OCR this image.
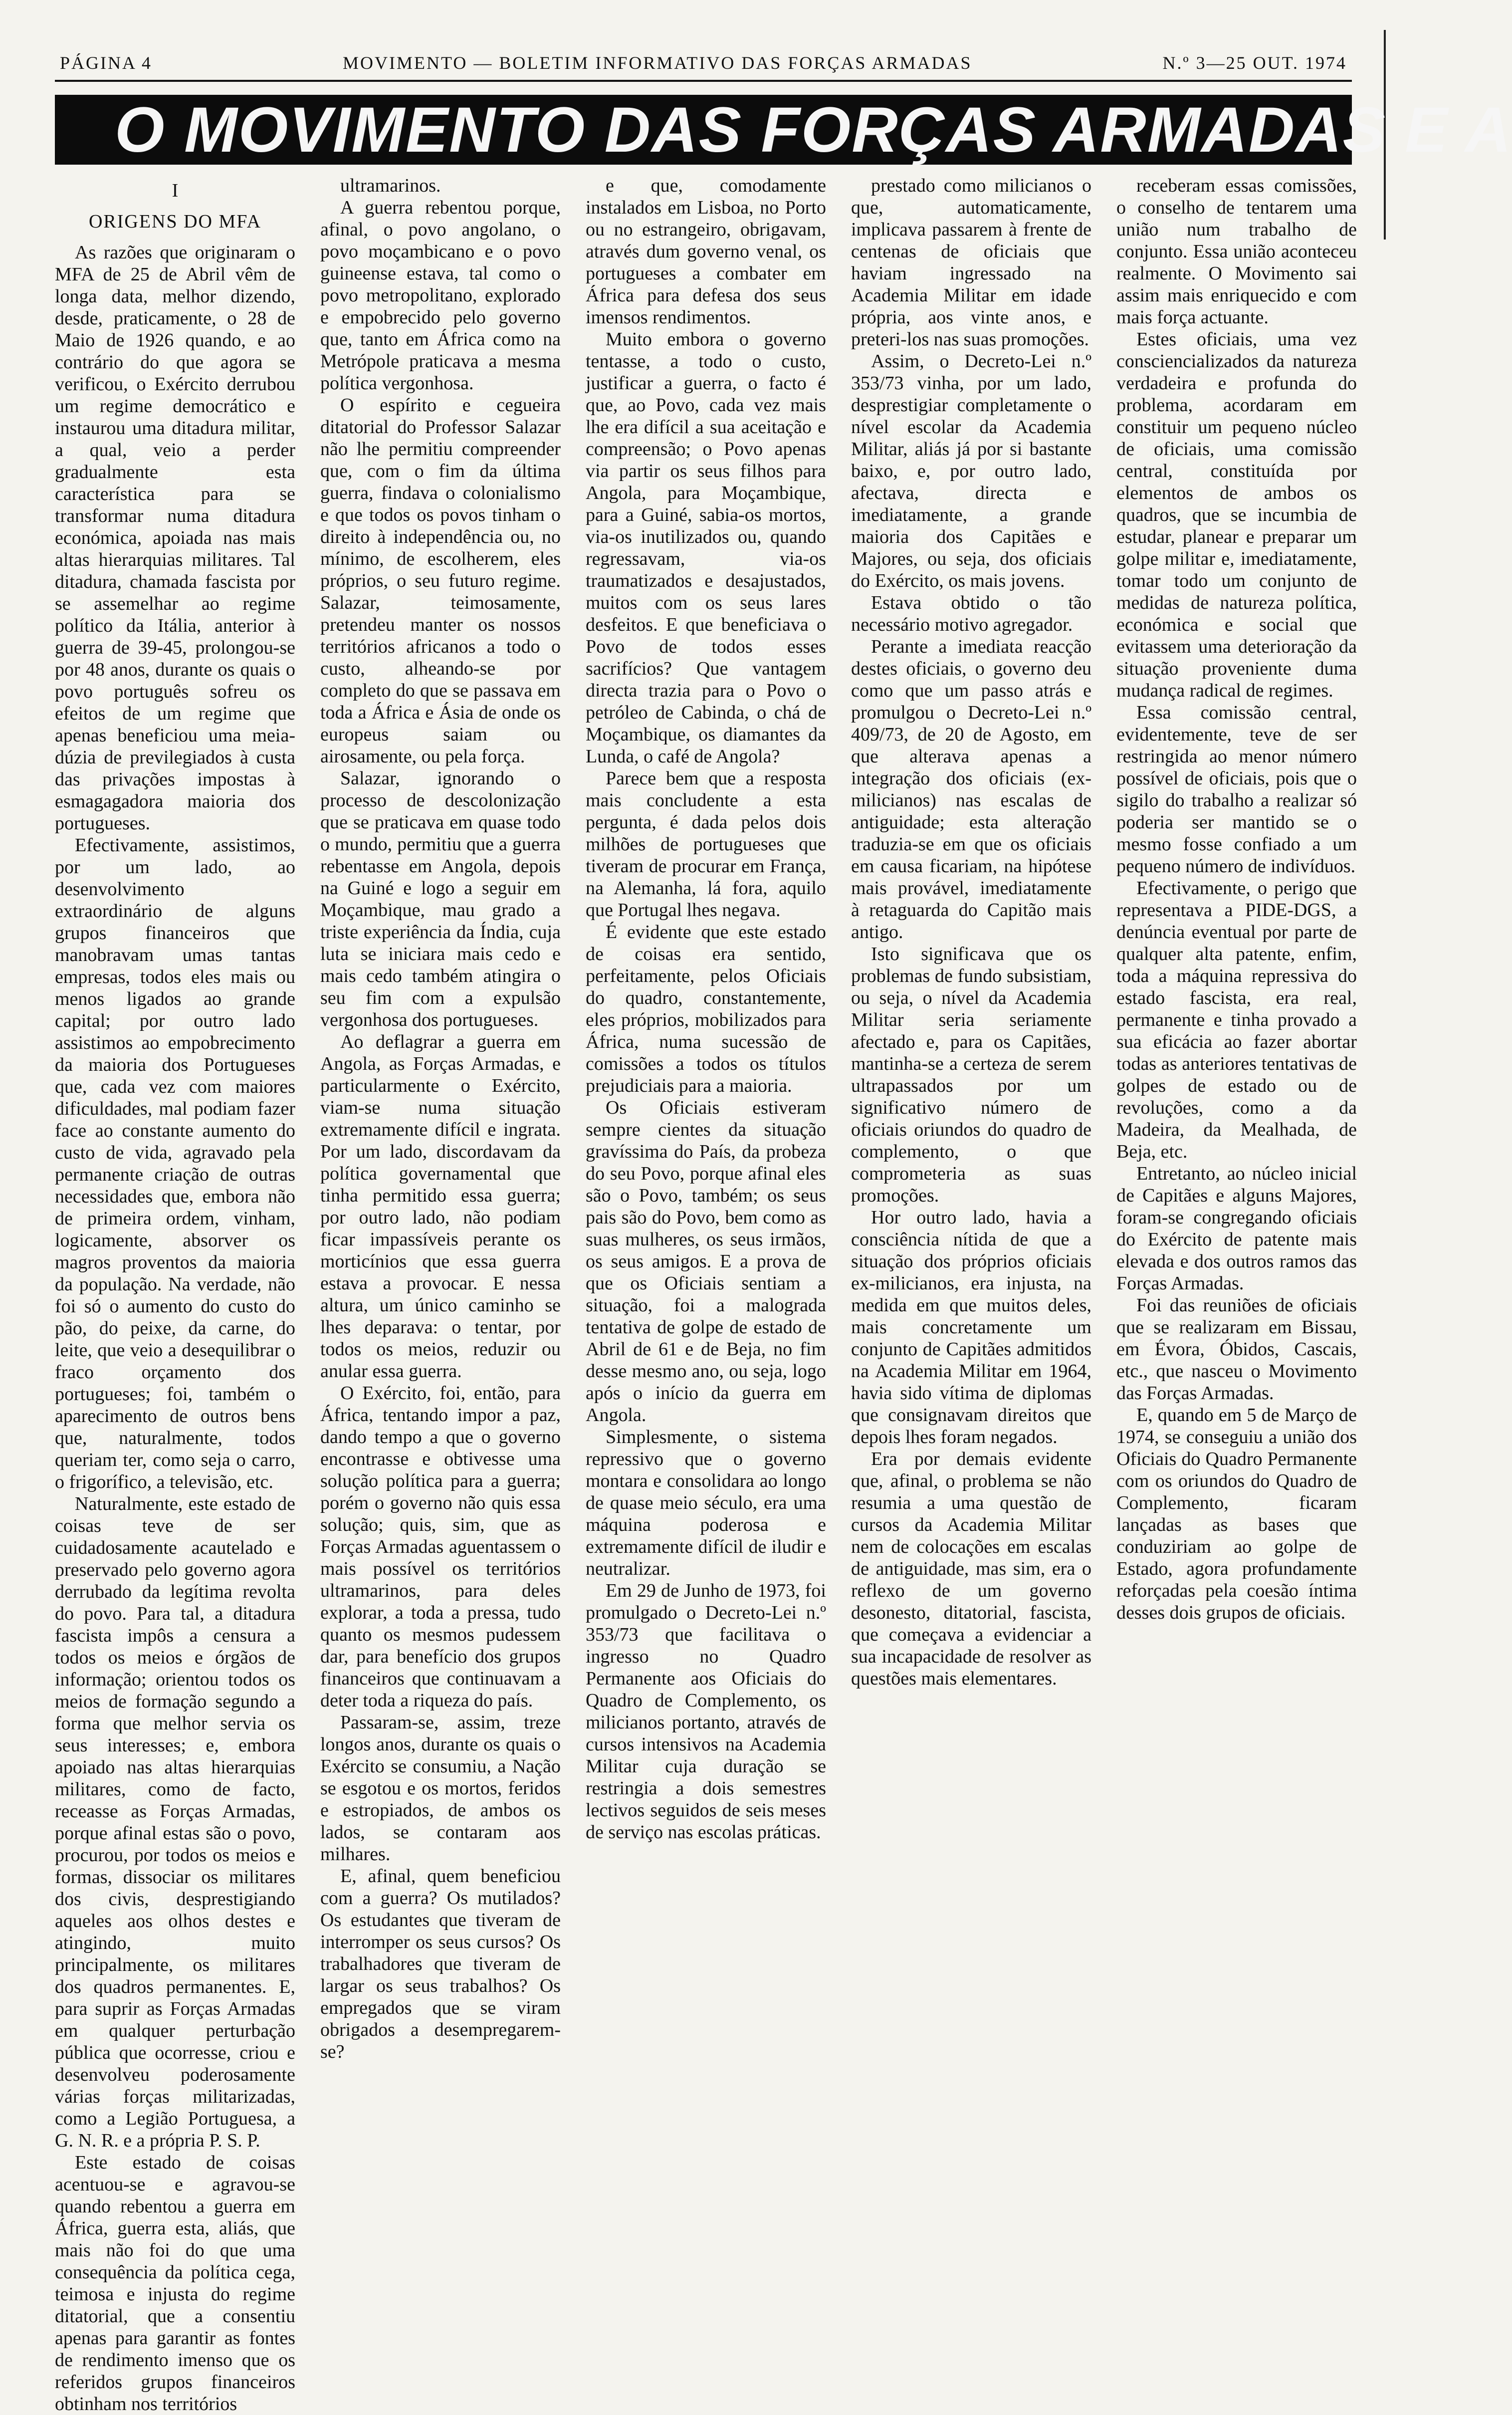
PÁGINA 4	MOVIMENTO — BOLETIM INFORMATIVO DAS FORÇAS ARMADAS	N.º 3—25 OUT. 1974
O MOVIMENTO DAS FORÇAS ARMADAS E A
I
ORIGENS DO MFA

As razões que originaram o MFA de 25 de Abril vêm de longa data, melhor dizendo, desde, praticamente, o 28 de Maio de 1926 quando, e ao contrário do que agora se verificou, o Exército derrubou um regime democrático e instaurou uma ditadura militar, a qual, veio a perder gradualmente esta característica para se transformar numa ditadura económica, apoiada nas mais altas hierarquias militares. Tal ditadura, chamada fascista por se assemelhar ao regime político da Itália, anterior à guerra de 39-45, prolongou-se por 48 anos, durante os quais o povo português sofreu os efeitos de um regime que apenas beneficiou uma meia-dúzia de previlegiados à custa das privações impostas à esmagagadora maioria dos portugueses.

Efectivamente, assistimos, por um lado, ao desenvolvimento extraordinário de alguns grupos financeiros que manobravam umas tantas empresas, todos eles mais ou menos ligados ao grande capital; por outro lado assistimos ao empobrecimento da maioria dos Portugueses que, cada vez com maiores dificuldades, mal podiam fazer face ao constante aumento do custo de vida, agravado pela permanente criação de outras necessidades que, embora não de primeira ordem, vinham, logicamente, absorver os magros proventos da maioria da população. Na verdade, não foi só o aumento do custo do pão, do peixe, da carne, do leite, que veio a desequilibrar o fraco orçamento dos portugueses; foi, também o aparecimento de outros bens que, naturalmente, todos queriam ter, como seja o carro, o frigorífico, a televisão, etc.

Naturalmente, este estado de coisas teve de ser cuidadosamente acautelado e preservado pelo governo agora derrubado da legítima revolta do povo. Para tal, a ditadura fascista impôs a censura a todos os meios e órgãos de informação; orientou todos os meios de formação segundo a forma que melhor servia os seus interesses; e, embora apoiado nas altas hierarquias militares, como de facto, receasse as Forças Armadas, porque afinal estas são o povo, procurou, por todos os meios e formas, dissociar os militares dos civis, desprestigiando aqueles aos olhos destes e atingindo, muito principalmente, os militares dos quadros permanentes. E, para suprir as Forças Armadas em qualquer perturbação pública que ocorresse, criou e desenvolveu poderosamente várias forças militarizadas, como a Legião Portuguesa, a G. N. R. e a própria P. S. P.

Este estado de coisas acentuou-se e agravou-se quando rebentou a guerra em África, guerra esta, aliás, que mais não foi do que uma consequência da política cega, teimosa e injusta do regime ditatorial, que a consentiu apenas para garantir as fontes de rendimento imenso que os referidos grupos financeiros obtinham nos territórios

ultramarinos.

A guerra rebentou porque, afinal, o povo angolano, o povo moçambicano e o povo guineense estava, tal como o povo metropolitano, explorado e empobrecido pelo governo que, tanto em África como na Metrópole praticava a mesma política vergonhosa.

O espírito e cegueira ditatorial do Professor Salazar não lhe permitiu compreender que, com o fim da última guerra, findava o colonialismo e que todos os povos tinham o direito à independência ou, no mínimo, de escolherem, eles próprios, o seu futuro regime. Salazar, teimosamente, pretendeu manter os nossos territórios africanos a todo o custo, alheando-se por completo do que se passava em toda a África e Ásia de onde os europeus saiam ou airosamente, ou pela força.

Salazar, ignorando o processo de descolonização que se praticava em quase todo o mundo, permitiu que a guerra rebentasse em Angola, depois na Guiné e logo a seguir em Moçambique, mau grado a triste experiência da Índia, cuja luta se iniciara mais cedo e mais cedo também atingira o seu fim com a expulsão vergonhosa dos portugueses.

Ao deflagrar a guerra em Angola, as Forças Armadas, e particularmente o Exército, viam-se numa situação extremamente difícil e ingrata. Por um lado, discordavam da política governamental que tinha permitido essa guerra; por outro lado, não podiam ficar impassíveis perante os morticínios que essa guerra estava a provocar. E nessa altura, um único caminho se lhes deparava: o tentar, por todos os meios, reduzir ou anular essa guerra.

O Exército, foi, então, para África, tentando impor a paz, dando tempo a que o governo encontrasse e obtivesse uma solução política para a guerra; porém o governo não quis essa solução; quis, sim, que as Forças Armadas aguentassem o mais possível os territórios ultramarinos, para deles explorar, a toda a pressa, tudo quanto os mesmos pudessem dar, para benefício dos grupos financeiros que continuavam a deter toda a riqueza do país.

Passaram-se, assim, treze longos anos, durante os quais o Exército se consumiu, a Nação se esgotou e os mortos, feridos e estropiados, de ambos os lados, se contaram aos milhares.

E, afinal, quem beneficiou com a guerra? Os mutilados? Os estudantes que tiveram de interromper os seus cursos? Os trabalhadores que tiveram de largar os seus trabalhos? Os empregados que se viram obrigados a desempregarem-se?

e que, comodamente instalados em Lisboa, no Porto ou no estrangeiro, obrigavam, através dum governo venal, os portugueses a combater em África para defesa dos seus imensos rendimentos.

Muito embora o governo tentasse, a todo o custo, justificar a guerra, o facto é que, ao Povo, cada vez mais lhe era difícil a sua aceitação e compreensão; o Povo apenas via partir os seus filhos para Angola, para Moçambique, para a Guiné, sabia-os mortos, via-os inutilizados ou, quando regressavam, via-os traumatizados e desajustados, muitos com os seus lares desfeitos. E que beneficiava o Povo de todos esses sacrifícios? Que vantagem directa trazia para o Povo o petróleo de Cabinda, o chá de Moçambique, os diamantes da Lunda, o café de Angola?

Parece bem que a resposta mais concludente a esta pergunta, é dada pelos dois milhões de portugueses que tiveram de procurar em França, na Alemanha, lá fora, aquilo que Portugal lhes negava.

É evidente que este estado de coisas era sentido, perfeitamente, pelos Oficiais do quadro, constantemente, eles próprios, mobilizados para África, numa sucessão de comissões a todos os títulos prejudiciais para a maioria.

Os Oficiais estiveram sempre cientes da situação gravíssima do País, da probeza do seu Povo, porque afinal eles são o Povo, também; os seus pais são do Povo, bem como as suas mulheres, os seus irmãos, os seus amigos. E a prova de que os Oficiais sentiam a situação, foi a malograda tentativa de golpe de estado de Abril de 61 e de Beja, no fim desse mesmo ano, ou seja, logo após o início da guerra em Angola.

Simplesmente, o sistema repressivo que o governo montara e consolidara ao longo de quase meio século, era uma máquina poderosa e extremamente difícil de iludir e neutralizar.

Em 29 de Junho de 1973, foi promulgado o Decreto-Lei n.º 353/73 que facilitava o ingresso no Quadro Permanente aos Oficiais do Quadro de Complemento, os milicianos portanto, através de cursos intensivos na Academia Militar cuja duração se restringia a dois semestres lectivos seguidos de seis meses de serviço nas escolas práticas.

prestado como milicianos o que, automaticamente, implicava passarem à frente de centenas de oficiais que haviam ingressado na Academia Militar em idade própria, aos vinte anos, e preteri-los nas suas promoções.

Assim, o Decreto-Lei n.º 353/73 vinha, por um lado, desprestigiar completamente o nível escolar da Academia Militar, aliás já por si bastante baixo, e, por outro lado, afectava, directa e imediatamente, a grande maioria dos Capitães e Majores, ou seja, dos oficiais do Exército, os mais jovens.

Estava obtido o tão necessário motivo agregador.

Perante a imediata reacção destes oficiais, o governo deu como que um passo atrás e promulgou o Decreto-Lei n.º 409/73, de 20 de Agosto, em que alterava apenas a integração dos oficiais (ex-milicianos) nas escalas de antiguidade; esta alteração traduzia-se em que os oficiais em causa ficariam, na hipótese mais provável, imediatamente à retaguarda do Capitão mais antigo.

Isto significava que os problemas de fundo subsistiam, ou seja, o nível da Academia Militar seria seriamente afectado e, para os Capitães, mantinha-se a certeza de serem ultrapassados por um significativo número de oficiais oriundos do quadro de complemento, o que comprometeria as suas promoções.

Hor outro lado, havia a consciência nítida de que a situação dos próprios oficiais ex-milicianos, era injusta, na medida em que muitos deles, mais concretamente um conjunto de Capitães admitidos na Academia Militar em 1964, havia sido vítima de diplomas que consignavam direitos que depois lhes foram negados.

Era por demais evidente que, afinal, o problema se não resumia a uma questão de cursos da Academia Militar nem de colocações em escalas de antiguidade, mas sim, era o reflexo de um governo desonesto, ditatorial, fascista, que começava a evidenciar a sua incapacidade de resolver as questões mais elementares.

receberam essas comissões, o conselho de tentarem uma união num trabalho de conjunto. Essa união aconteceu realmente. O Movimento sai assim mais enriquecido e com mais força actuante.

Estes oficiais, uma vez consciencializados da natureza verdadeira e profunda do problema, acordaram em constituir um pequeno núcleo de oficiais, uma comissão central, constituída por elementos de ambos os quadros, que se incumbia de estudar, planear e preparar um golpe militar e, imediatamente, tomar todo um conjunto de medidas de natureza política, económica e social que evitassem uma deterioração da situação proveniente duma mudança radical de regimes.

Essa comissão central, evidentemente, teve de ser restringida ao menor número possível de oficiais, pois que o sigilo do trabalho a realizar só poderia ser mantido se o mesmo fosse confiado a um pequeno número de indivíduos.

Efectivamente, o perigo que representava a PIDE-DGS, a denúncia eventual por parte de qualquer alta patente, enfim, toda a máquina repressiva do estado fascista, era real, permanente e tinha provado a sua eficácia ao fazer abortar todas as anteriores tentativas de golpes de estado ou de revoluções, como a da Madeira, da Mealhada, de Beja, etc.

Entretanto, ao núcleo inicial de Capitães e alguns Majores, foram-se congregando oficiais do Exército de patente mais elevada e dos outros ramos das Forças Armadas.

Foi das reuniões de oficiais que se realizaram em Bissau, em Évora, Óbidos, Cascais, etc., que nasceu o Movimento das Forças Armadas.

E, quando em 5 de Março de 1974, se conseguiu a união dos Oficiais do Quadro Permanente com os oriundos do Quadro de Complemento, ficaram lançadas as bases que conduziriam ao golpe de Estado, agora profundamente reforçadas pela coesão íntima desses dois grupos de oficiais.
